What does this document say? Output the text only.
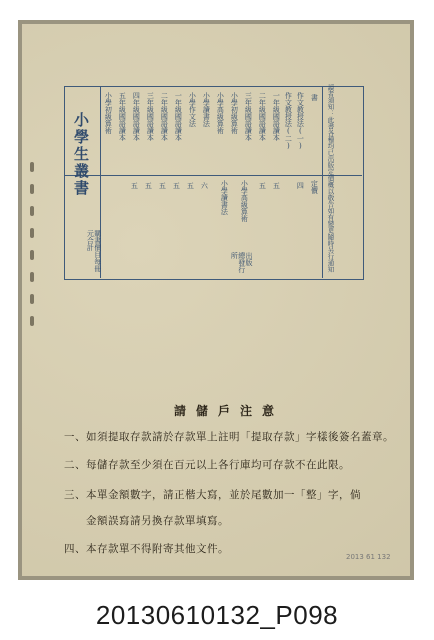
小學生叢書	讀者須知：此書各種均已出版定價概以敬告如有變更隨時另行通知
書
定價
作文教授法(一)
作文教授法(二)
一年級國語讀本
二年級國語讀本
三年級國語讀本
小學初級算術
小學高級算術
小學讀書法
小學作文法
一年級國語讀本
二年級國語讀本
三年級國語讀本
四年級國語讀本
五年級國語讀本
小學初級算術
小學高級算術
小學讀書法	四
五
五
六
五
五
五
五
五
購書價目每冊元合計
出版 總發行所
請儲戶注意
一、如須提取存款請於存款單上註明「提取存款」字樣後簽名蓋章。
二、每儲存款至少須在百元以上各行庫均可存款不在此限。
三、本單金額數字，請正楷大寫，並於尾數加一「整」字，倘
　　金額誤寫請另換存款單填寫。
四、本存款單不得附寄其他文件。
2013 61 132
20130610132_P098
